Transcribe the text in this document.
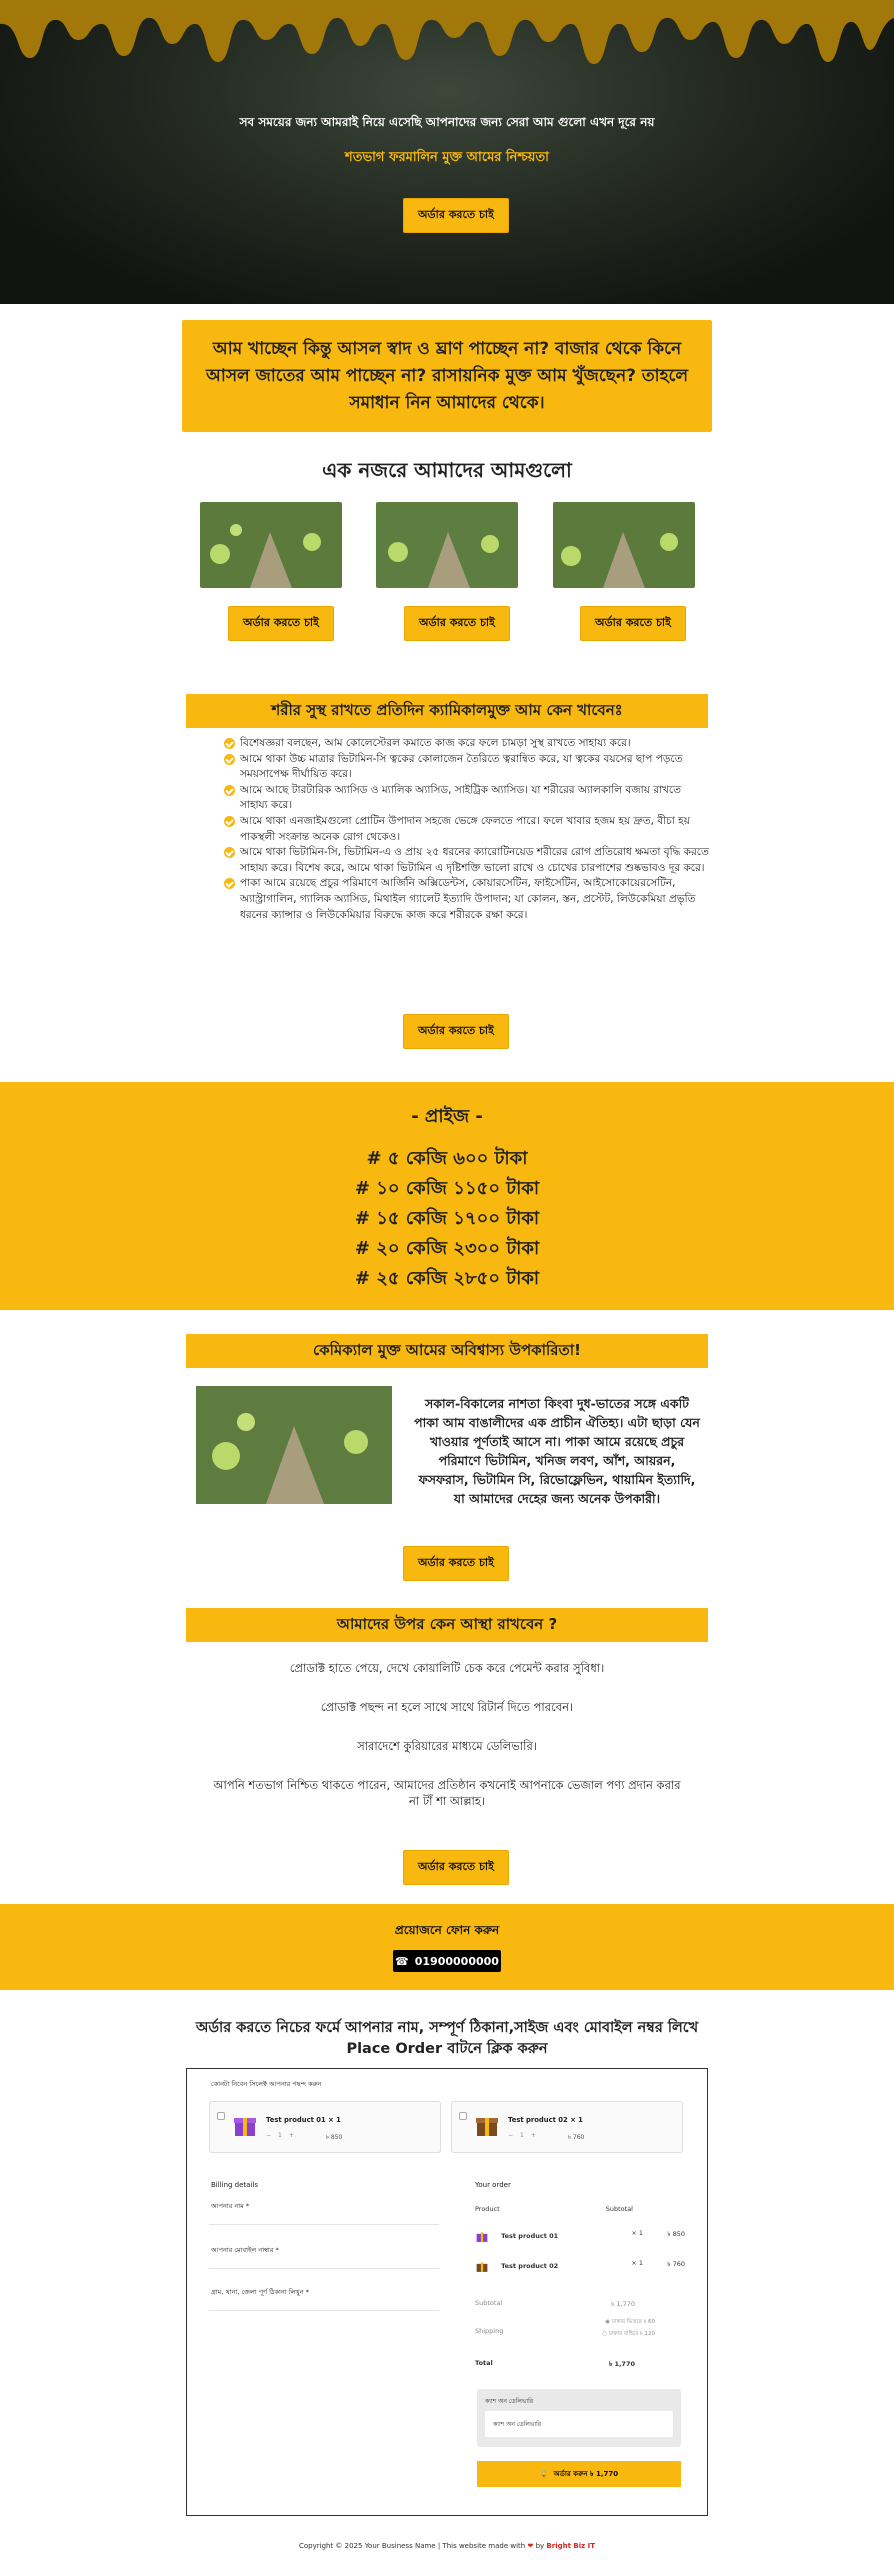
সব সময়ের জন্য আমরাই নিয়ে এসেছি আপনাদের জন্য সেরা আম গুলো এখন দূরে নয়
শতভাগ ফরমালিন মুক্ত আমের নিশ্চয়তা
অর্ডার করতে চাই
আম খাচ্ছেন কিন্তু আসল স্বাদ ও ঘ্রাণ পাচ্ছেন না? বাজার থেকে কিনে আসল জাতের আম পাচ্ছেন না? রাসায়নিক মুক্ত আম খুঁজছেন? তাহলে সমাধান নিন আমাদের থেকে।
এক নজরে আমাদের আমগুলো
অর্ডার করতে চাই	অর্ডার করতে চাই	অর্ডার করতে চাই
শরীর সুস্থ রাখতে প্রতিদিন ক্যামিকালমুক্ত আম কেন খাবেনঃ
বিশেষজ্ঞরা বলছেন, আম কোলেস্টেরল কমাতে কাজ করে ফলে চামড়া সুস্থ রাখতে সাহায্য করে।
আমে থাকা উচ্চ মাত্রার ভিটামিন-সি ত্বকের কোলাজেন তৈরিতে ত্বরান্বিত করে, যা ত্বকের বয়সের ছাপ পড়তে সময়সাপেক্ষ দীর্ঘায়িত করে।
আমে আছে টারটারিক অ্যাসিড ও ম্যালিক অ্যাসিড, সাইট্রিক অ্যাসিড। যা শরীরের অ্যালকালি বজায় রাখতে সাহায্য করে।
আমে থাকা এনজাইমগুলো প্রোটিন উপাদান সহজে ভেঙ্গে ফেলতে পারে। ফলে খাবার হজম হয় দ্রুত, বীচা হয় পাকস্থলী সংক্রান্ত অনেক রোগ থেকেও।
আমে থাকা ভিটামিন-সি, ভিটামিন-এ ও প্রায় ২৫ ধরনের ক্যারোটিনয়েড শরীরের রোগ প্রতিরোধ ক্ষমতা বৃদ্ধি করতে সাহায্য করে। বিশেষ করে, আমে থাকা ভিটামিন এ দৃষ্টিশক্তি ভালো রাখে ও চোখের চারপাশের শুষ্কভাবও দূর করে।
পাকা আমে রয়েছে প্রচুর পরিমাণে আর্জিনি অক্সিডেন্টস, কোয়ারসেটিন, ফাইসেটিন, আইসোকোয়েরসেটিন, অ্যাস্ট্রাগালিন, গ্যালিক অ্যাসিড, মিথাইল গ্যালেট ইত্যাদি উপাদান; যা কোলন, স্তন, প্রস্টেট, লিউকেমিয়া প্রভৃতি ধরনের ক্যান্সার ও লিউকেমিয়ার বিরুদ্ধে কাজ করে শরীরকে রক্ষা করে।
অর্ডার করতে চাই
- প্রাইজ -
# ৫ কেজি ৬০০ টাকা
# ১০ কেজি ১১৫০ টাকা
# ১৫ কেজি ১৭০০ টাকা
# ২০ কেজি ২৩০০ টাকা
# ২৫ কেজি ২৮৫০ টাকা
কেমিক্যাল মুক্ত আমের অবিশ্বাস্য উপকারিতা!
সকাল-বিকালের নাশতা কিংবা দুধ-ভাতের সঙ্গে একটি পাকা আম বাঙালীদের এক প্রাচীন ঐতিহ্য। এটা ছাড়া যেন খাওয়ার পূর্ণতাই আসে না। পাকা আমে রয়েছে প্রচুর পরিমাণে ভিটামিন, খনিজ লবণ, আঁশ, আয়রন, ফসফরাস, ভিটামিন সি, রিভোফ্লেভিন, থায়ামিন ইত্যাদি, যা আমাদের দেহের জন্য অনেক উপকারী।
অর্ডার করতে চাই
আমাদের উপর কেন আস্থা রাখবেন ?
প্রোডাক্ট হাতে পেয়ে, দেখে কোয়ালিটি চেক করে পেমেন্ট করার সুবিধা।
প্রোডাক্ট পছন্দ না হলে সাথে সাথে রিটার্ন দিতে পারবেন।
সারাদেশে কুরিয়ারের মাধ্যমে ডেলিভারি।
আপনি শতভাগ নিশ্চিত থাকতে পারেন, আমাদের প্রতিষ্ঠান কখনোই আপনাকে ভেজাল পণ্য প্রদান করার না টাঁ শা আল্লাহ।
অর্ডার করতে চাই
প্রয়োজনে ফোন করুন
☎ 01900000000
অর্ডার করতে নিচের ফর্মে আপনার নাম, সম্পূর্ণ ঠিকানা,সাইজ এবং মোবাইল নম্বর লিখে Place Order বাটনে ক্লিক করুন
কোনটা নিবেন সিলেক্ট আপনার পছন্দ করুন
Test product 01 × 1
−1+	৳ 850
Test product 02 × 1
−1+	৳ 760
Billing details
আপনার নাম *
আপনার মোবাইল নাম্বার *
গ্রাম, থানা, জেলা পূর্ণ ঠিকানা লিখুন *
Your order
Product	Subtotal
Test product 01	× 1	৳ 850
Test product 02	× 1	৳ 760
Subtotal	৳ 1,770
Shipping
◉ ঢাকার ভিতরে ৳ 60
○ ঢাকার বাহিরে ৳ 120
Total	৳ 1,770
ক্যাশ অন ডেলিভারি
ক্যাশ অন ডেলিভারি
🔒 অর্ডার করুন ৳ 1,770
Copyright © 2025 Your Business Name | This website made with ❤ by Bright Biz IT
